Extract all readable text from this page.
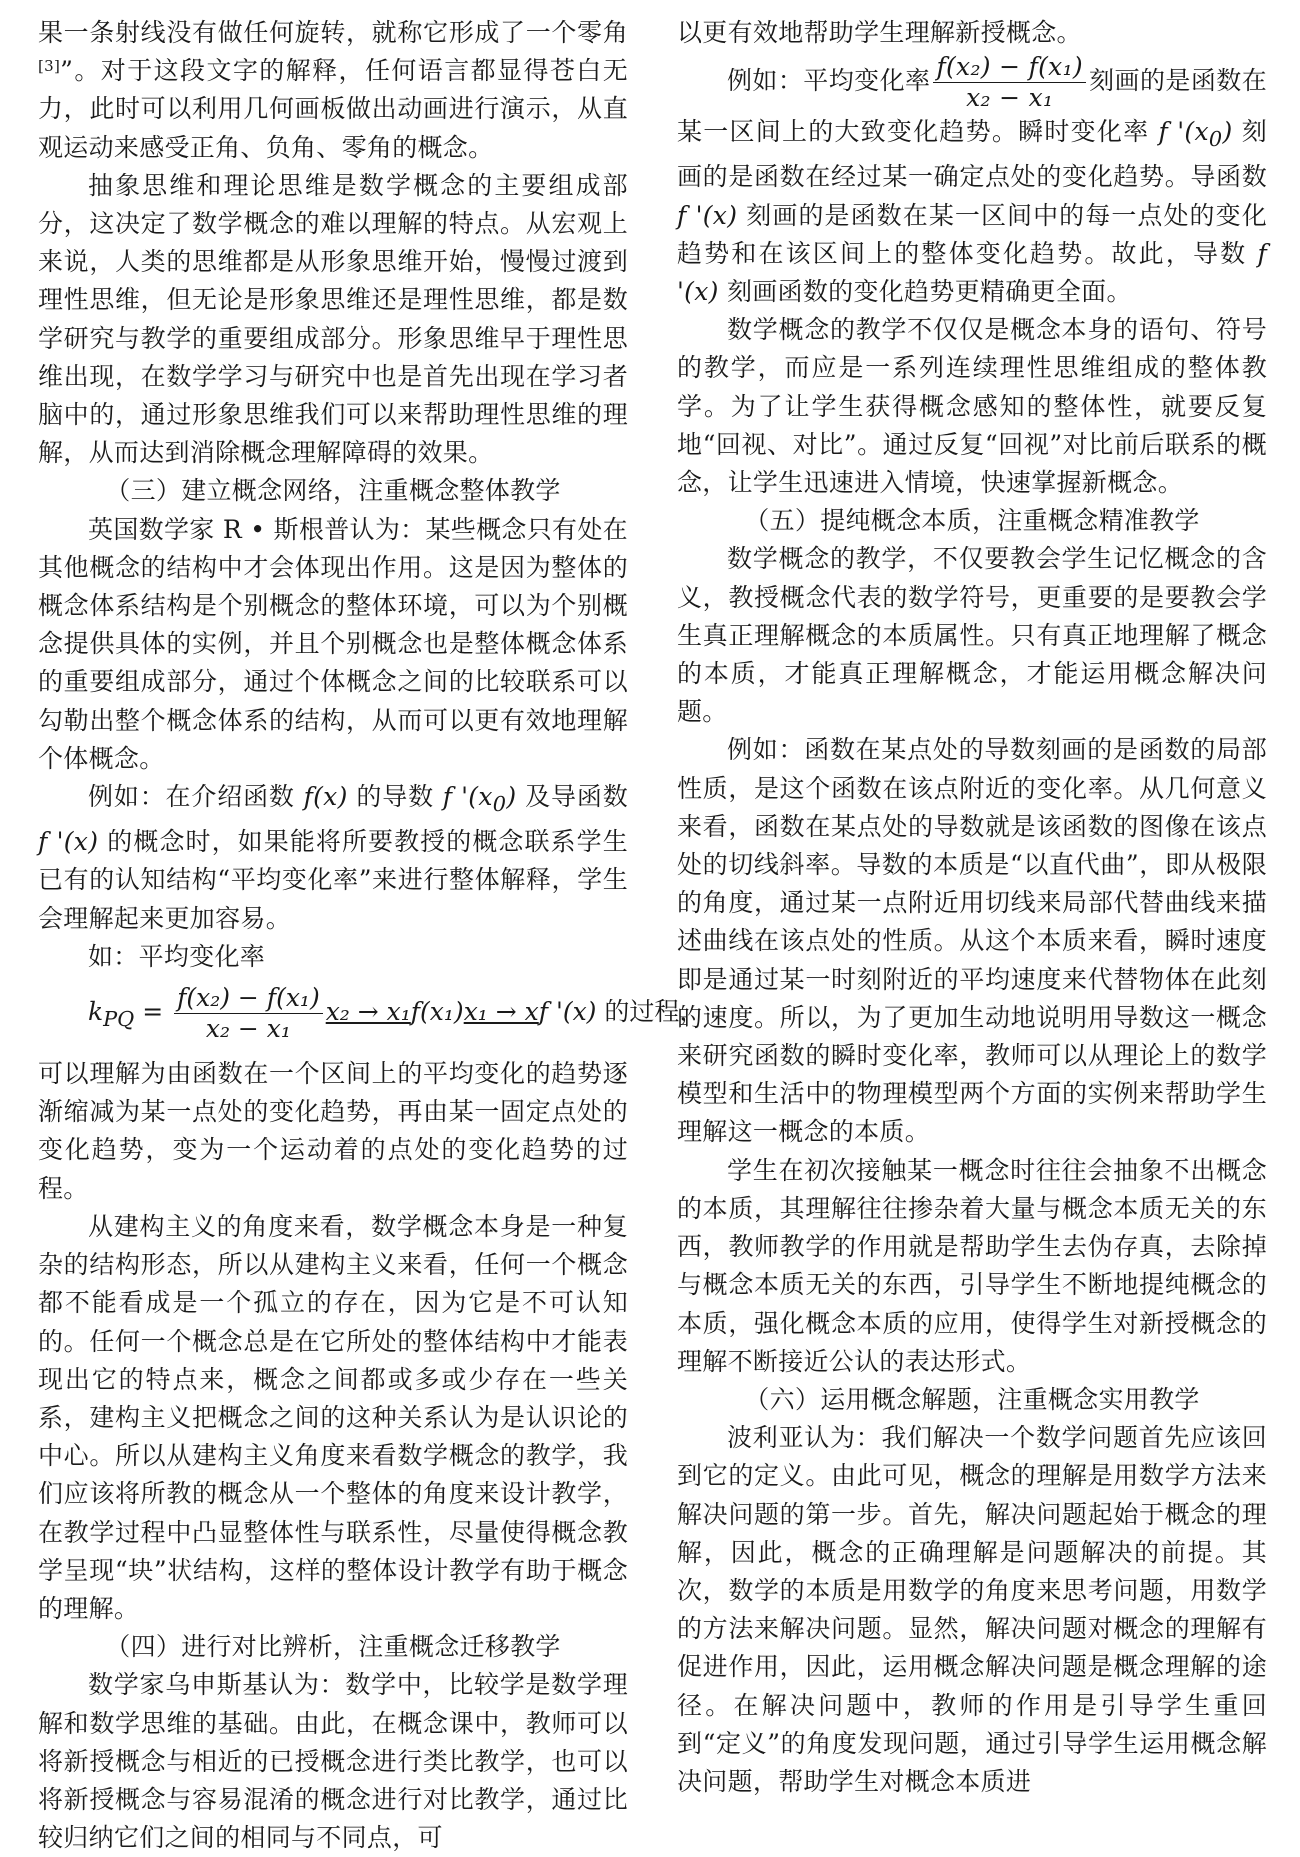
果一条射线没有做任何旋转，就称它形成了一个零角[3]”。对于这段文字的解释，任何语言都显得苍白无力，此时可以利用几何画板做出动画进行演示，从直观运动来感受正角、负角、零角的概念。

抽象思维和理论思维是数学概念的主要组成部分，这决定了数学概念的难以理解的特点。从宏观上来说，人类的思维都是从形象思维开始，慢慢过渡到理性思维，但无论是形象思维还是理性思维，都是数学研究与教学的重要组成部分。形象思维早于理性思维出现，在数学学习与研究中也是首先出现在学习者脑中的，通过形象思维我们可以来帮助理性思维的理解，从而达到消除概念理解障碍的效果。

（三）建立概念网络，注重概念整体教学

英国数学家 R • 斯根普认为：某些概念只有处在其他概念的结构中才会体现出作用。这是因为整体的概念体系结构是个别概念的整体环境，可以为个别概念提供具体的实例，并且个别概念也是整体概念体系的重要组成部分，通过个体概念之间的比较联系可以勾勒出整个概念体系的结构，从而可以更有效地理解个体概念。

例如：在介绍函数 f(x) 的导数 f '$(x_0)$ 及导函数 f '(x) 的概念时，如果能将所要教授的概念联系学生已有的认知结构“平均变化率”来进行整体解释，学生会理解起来更加容易。

如：平均变化率

$k_{PQ} = \frac{\text{f(x₂) − f(x₁)}}{\text{x₂ − x₁}} x_2 \to x_1f(x_1)x_1$ → xf '(x) 的过程，

可以理解为由函数在一个区间上的平均变化的趋势逐渐缩减为某一点处的变化趋势，再由某一固定点处的变化趋势，变为一个运动着的点处的变化趋势的过程。

从建构主义的角度来看，数学概念本身是一种复杂的结构形态，所以从建构主义来看，任何一个概念都不能看成是一个孤立的存在，因为它是不可认知的。任何一个概念总是在它所处的整体结构中才能表现出它的特点来，概念之间都或多或少存在一些关系，建构主义把概念之间的这种关系认为是认识论的中心。所以从建构主义角度来看数学概念的教学，我们应该将所教的概念从一个整体的角度来设计教学，在教学过程中凸显整体性与联系性，尽量使得概念教学呈现“块”状结构，这样的整体设计教学有助于概念的理解。

（四）进行对比辨析，注重概念迁移教学

数学家乌申斯基认为：数学中，比较学是数学理解和数学思维的基础。由此，在概念课中，教师可以将新授概念与相近的已授概念进行类比教学，也可以将新授概念与容易混淆的概念进行对比教学，通过比较归纳它们之间的相同与不同点，可

以更有效地帮助学生理解新授概念。

例如：平均变化率 $\frac{\text{f(x₂) − f(x₁)}}{\text{x₂ − x₁}}$ 刻画的是函数在某一区间上的大致变化趋势。瞬时变化率 f '$(x_0)$ 刻画的是函数在经过某一确定点处的变化趋势。导函数 f '(x) 刻画的是函数在某一区间中的每一点处的变化趋势和在该区间上的整体变化趋势。故此，导数 f '(x) 刻画函数的变化趋势更精确更全面。

数学概念的教学不仅仅是概念本身的语句、符号的教学，而应是一系列连续理性思维组成的整体教学。为了让学生获得概念感知的整体性，就要反复地“回视、对比”。通过反复“回视”对比前后联系的概念，让学生迅速进入情境，快速掌握新概念。

（五）提纯概念本质，注重概念精准教学

数学概念的教学，不仅要教会学生记忆概念的含义，教授概念代表的数学符号，更重要的是要教会学生真正理解概念的本质属性。只有真正地理解了概念的本质，才能真正理解概念，才能运用概念解决问题。

例如：函数在某点处的导数刻画的是函数的局部性质，是这个函数在该点附近的变化率。从几何意义来看，函数在某点处的导数就是该函数的图像在该点处的切线斜率。导数的本质是“以直代曲”，即从极限的角度，通过某一点附近用切线来局部代替曲线来描述曲线在该点处的性质。从这个本质来看，瞬时速度即是通过某一时刻附近的平均速度来代替物体在此刻的速度。所以，为了更加生动地说明用导数这一概念来研究函数的瞬时变化率，教师可以从理论上的数学模型和生活中的物理模型两个方面的实例来帮助学生理解这一概念的本质。

学生在初次接触某一概念时往往会抽象不出概念的本质，其理解往往掺杂着大量与概念本质无关的东西，教师教学的作用就是帮助学生去伪存真，去除掉与概念本质无关的东西，引导学生不断地提纯概念的本质，强化概念本质的应用，使得学生对新授概念的理解不断接近公认的表达形式。

（六）运用概念解题，注重概念实用教学

波利亚认为：我们解决一个数学问题首先应该回到它的定义。由此可见，概念的理解是用数学方法来解决问题的第一步。首先，解决问题起始于概念的理解，因此，概念的正确理解是问题解决的前提。其次，数学的本质是用数学的角度来思考问题，用数学的方法来解决问题。显然，解决问题对概念的理解有促进作用，因此，运用概念解决问题是概念理解的途径。在解决问题中，教师的作用是引导学生重回到“定义”的角度发现问题，通过引导学生运用概念解决问题，帮助学生对概念本质进
